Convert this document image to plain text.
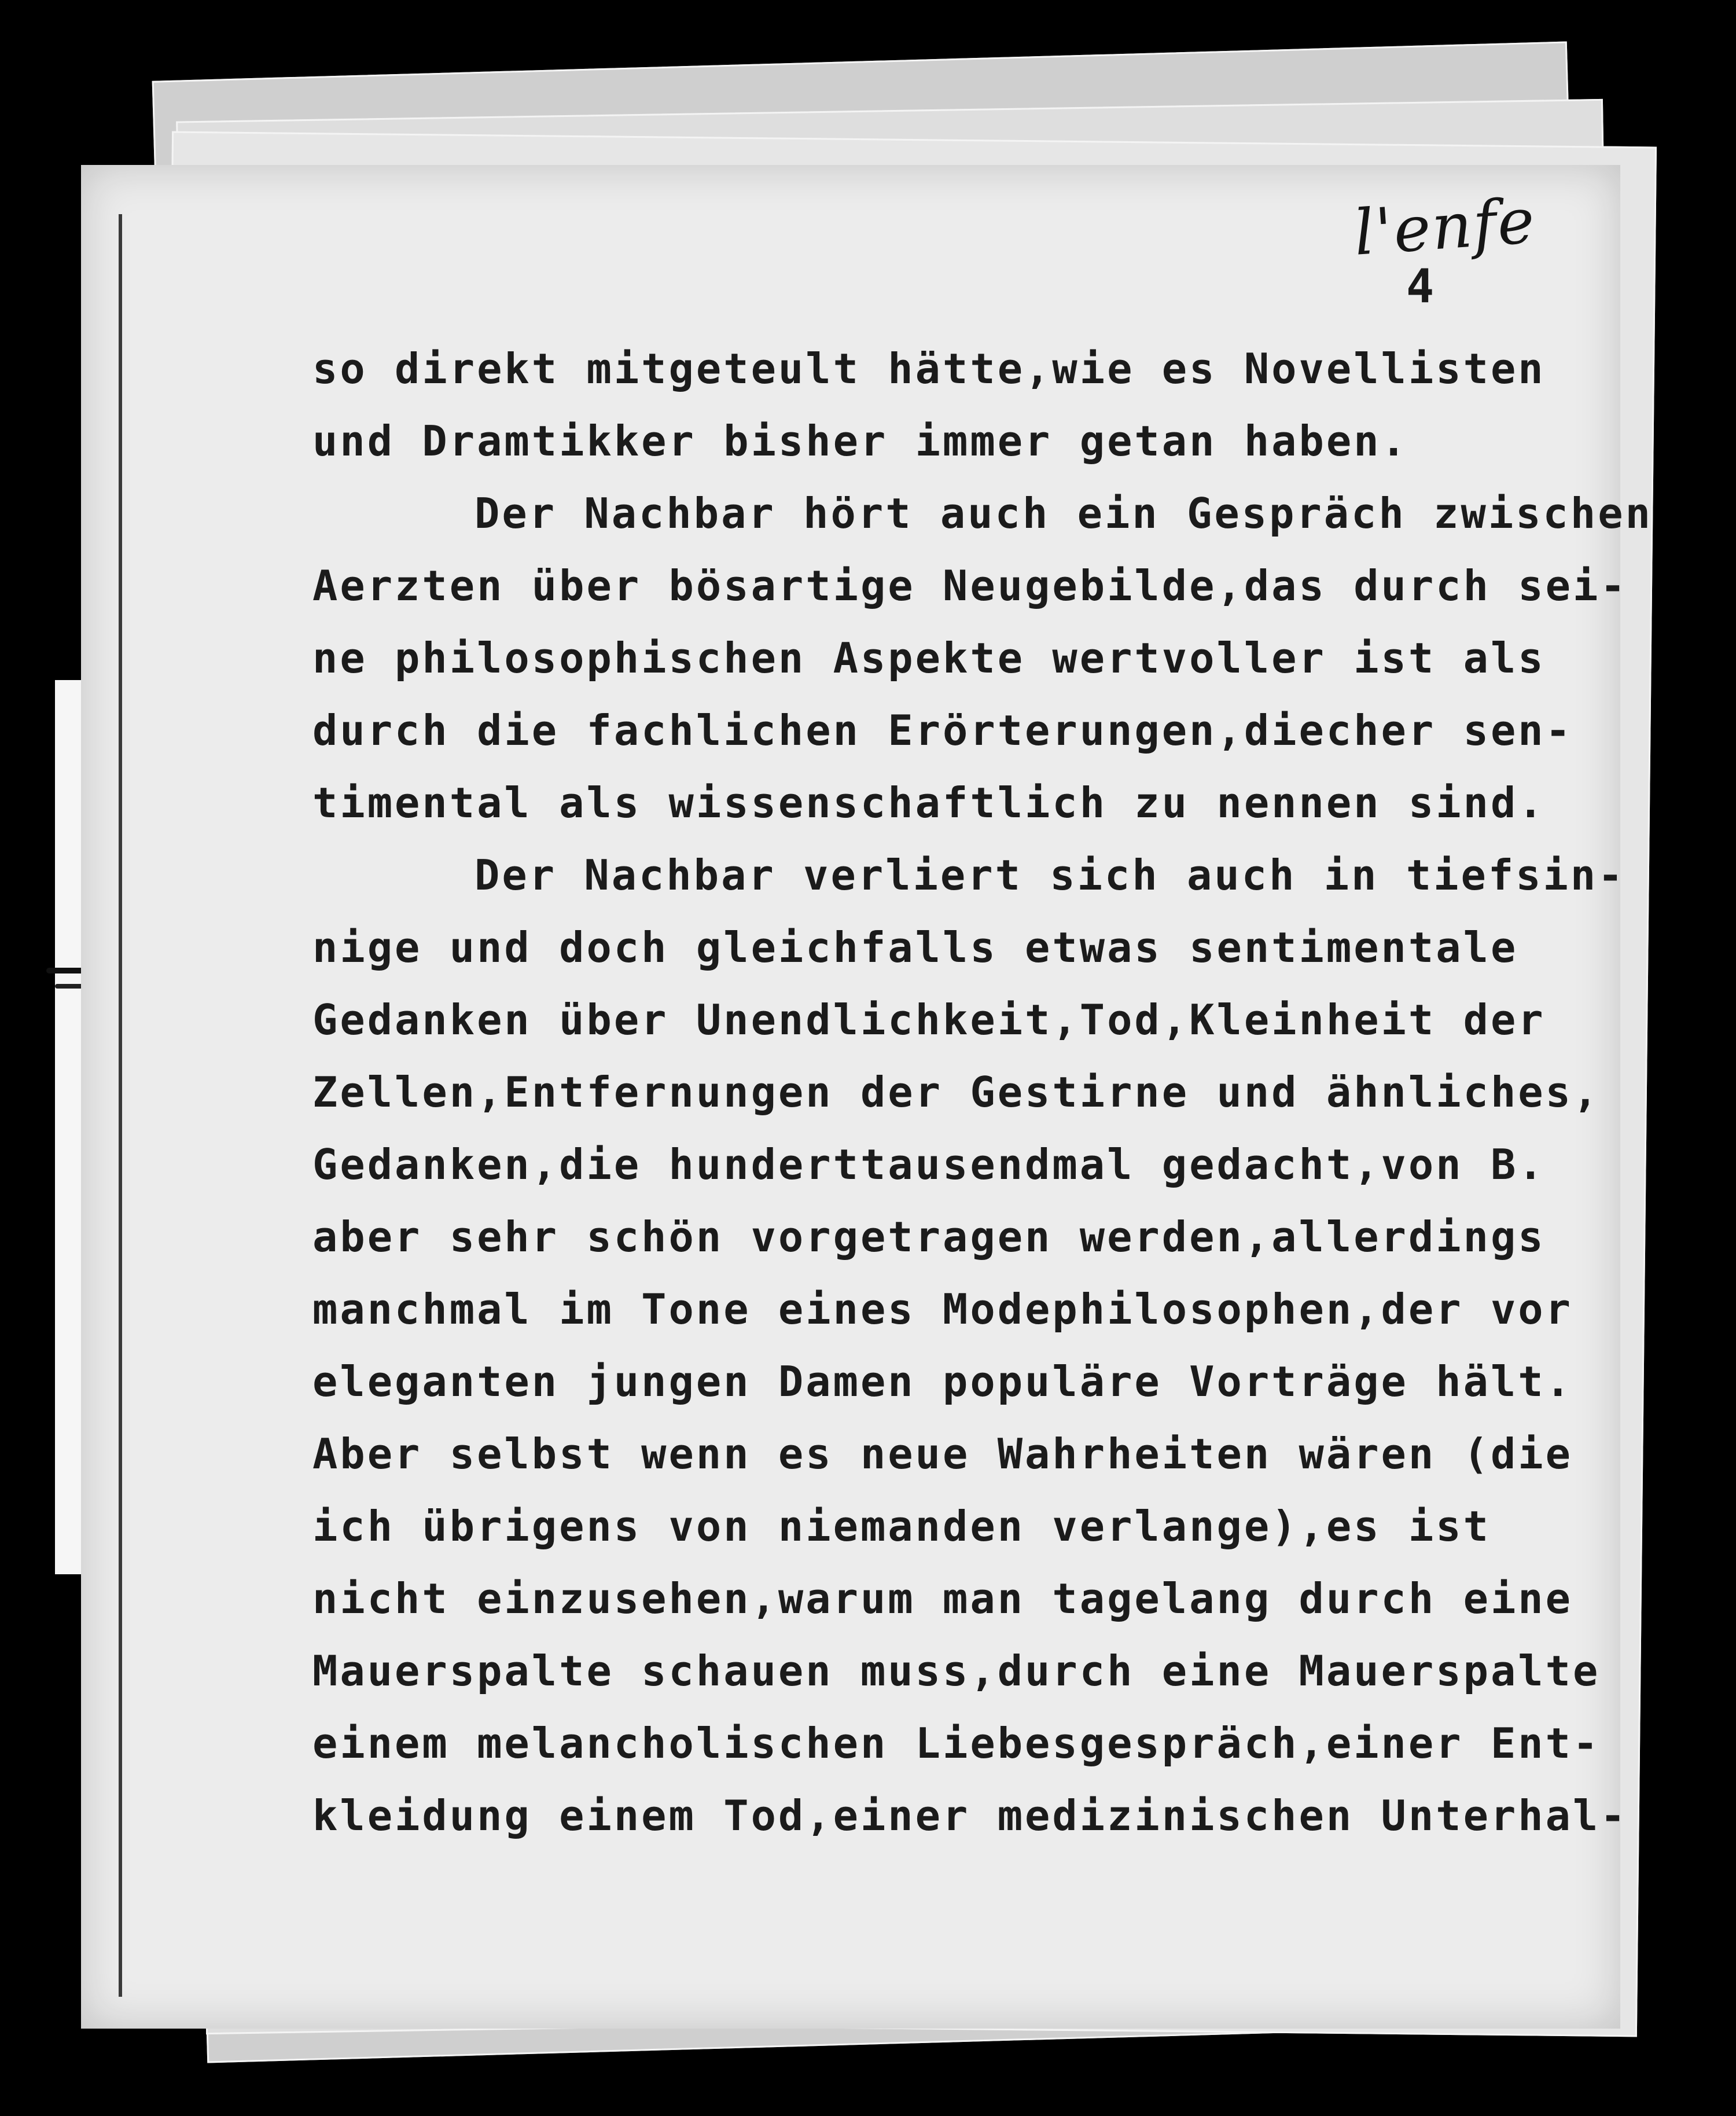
l'enfe
4
so direkt mitgeteult hätte,wie es Novellisten
und Dramtikker bisher immer getan haben.
Der Nachbar hört auch ein Gespräch zwischen
Aerzten über bösartige Neugebilde,das durch sei-
ne philosophischen Aspekte wertvoller ist als
durch die fachlichen Erörterungen,diecher sen-
timental als wissenschaftlich zu nennen sind.
Der Nachbar verliert sich auch in tiefsin-
nige und doch gleichfalls etwas sentimentale
Gedanken über Unendlichkeit,Tod,Kleinheit der
Zellen,Entfernungen der Gestirne und ähnliches,
Gedanken,die hunderttausendmal gedacht,von B.
aber sehr schön vorgetragen werden,allerdings
manchmal im Tone eines Modephilosophen,der vor
eleganten jungen Damen populäre Vorträge hält.
Aber selbst wenn es neue Wahrheiten wären (die
ich übrigens von niemanden verlange),es ist
nicht einzusehen,warum man tagelang durch eine
Mauerspalte schauen muss,durch eine Mauerspalte
einem melancholischen Liebesgespräch,einer Ent-
kleidung einem Tod,einer medizinischen Unterhal-
